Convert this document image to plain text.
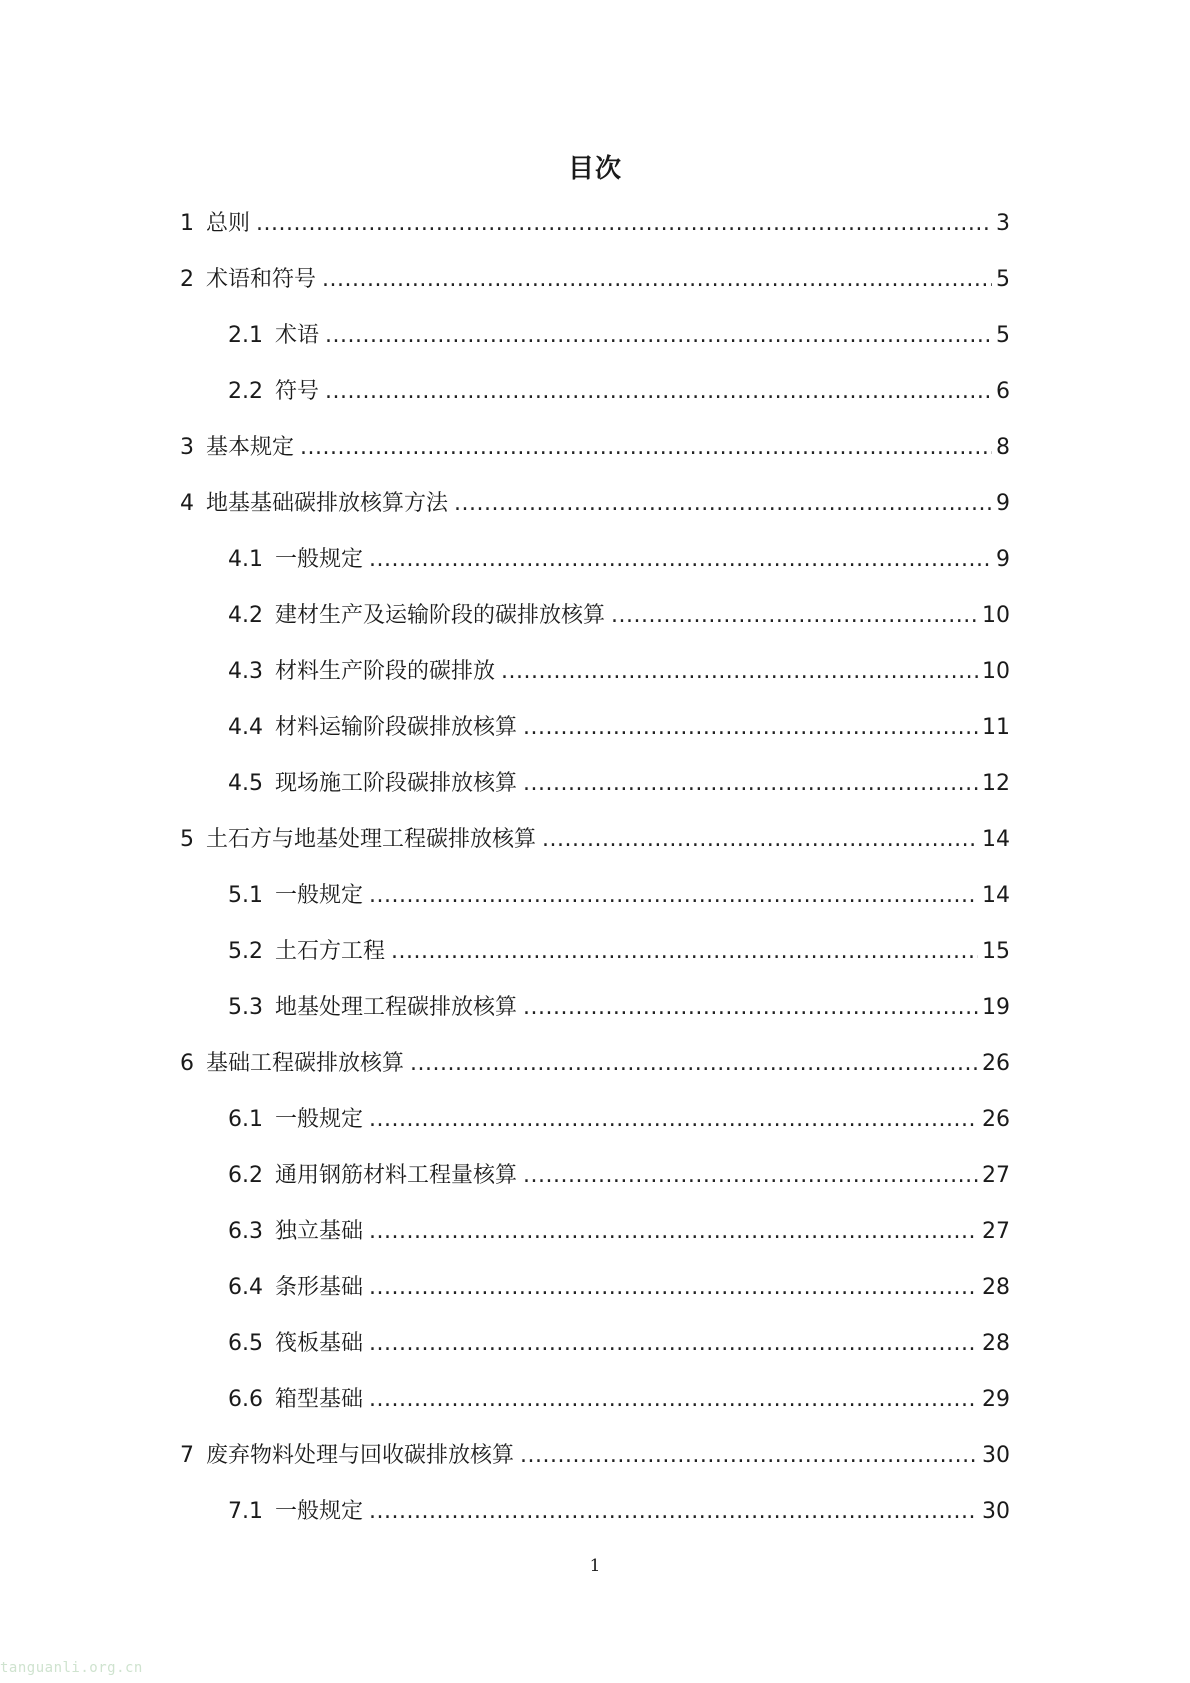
目次
1 总则 .....	3
2 术语和符号 .....	5
2.1 术语 .....	5
2.2 符号 .....	6
3 基本规定 .....	8
4 地基基础碳排放核算方法 .....	9
4.1 一般规定 .....	9
4.2 建材生产及运输阶段的碳排放核算 .....	10
4.3 材料生产阶段的碳排放 .....	10
4.4 材料运输阶段碳排放核算 .....	11
4.5 现场施工阶段碳排放核算 .....	12
5 土石方与地基处理工程碳排放核算 .....	14
5.1 一般规定 .....	14
5.2 土石方工程 .....	15
5.3 地基处理工程碳排放核算 .....	19
6 基础工程碳排放核算 .....	26
6.1 一般规定 .....	26
6.2 通用钢筋材料工程量核算 .....	27
6.3 独立基础 .....	27
6.4 条形基础 .....	28
6.5 筏板基础 .....	28
6.6 箱型基础 .....	29
7 废弃物料处理与回收碳排放核算 .....	30
7.1 一般规定 .....	30
1
tanguanli.org.cn
